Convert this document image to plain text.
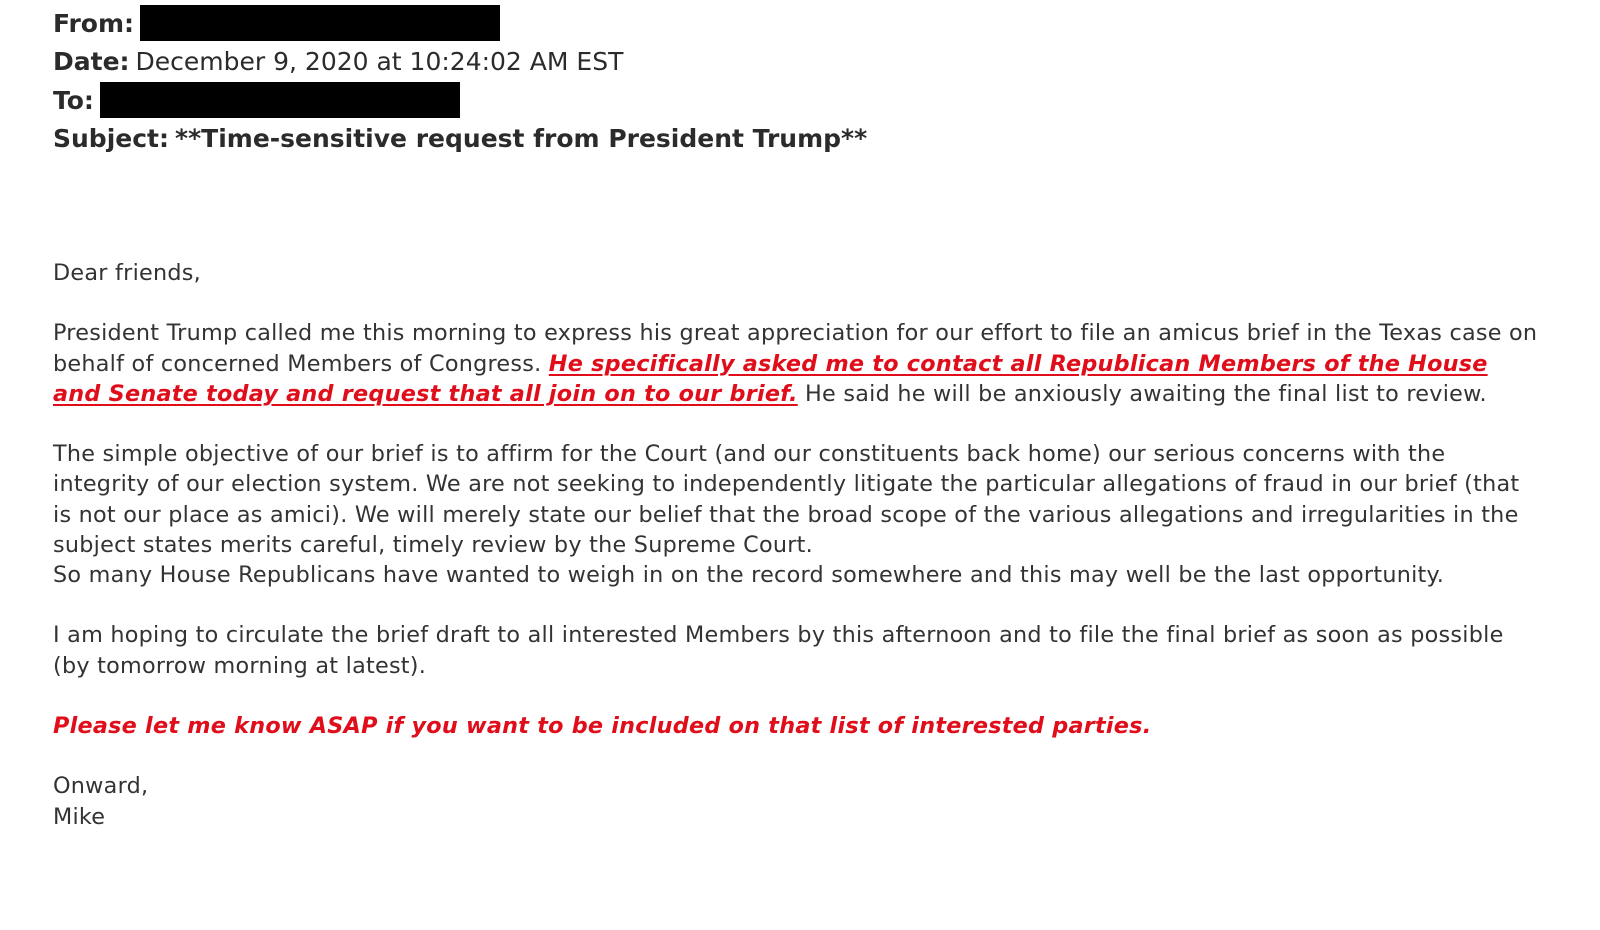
From:
Date: December 9, 2020 at 10:24:02 AM EST
To:
Subject: **Time-sensitive request from President Trump**

Dear friends,

President Trump called me this morning to express his great appreciation for our effort to file an amicus brief in the Texas case on behalf of concerned Members of Congress. He specifically asked me to contact all Republican Members of the House and Senate today and request that all join on to our brief. He said he will be anxiously awaiting the final list to review.

The simple objective of our brief is to affirm for the Court (and our constituents back home) our serious concerns with the integrity of our election system. We are not seeking to independently litigate the particular allegations of fraud in our brief (that is not our place as amici). We will merely state our belief that the broad scope of the various allegations and irregularities in the subject states merits careful, timely review by the Supreme Court.

So many House Republicans have wanted to weigh in on the record somewhere and this may well be the last opportunity.

I am hoping to circulate the brief draft to all interested Members by this afternoon and to file the final brief as soon as possible (by tomorrow morning at latest).

Please let me know ASAP if you want to be included on that list of interested parties.

Onward,

Mike
